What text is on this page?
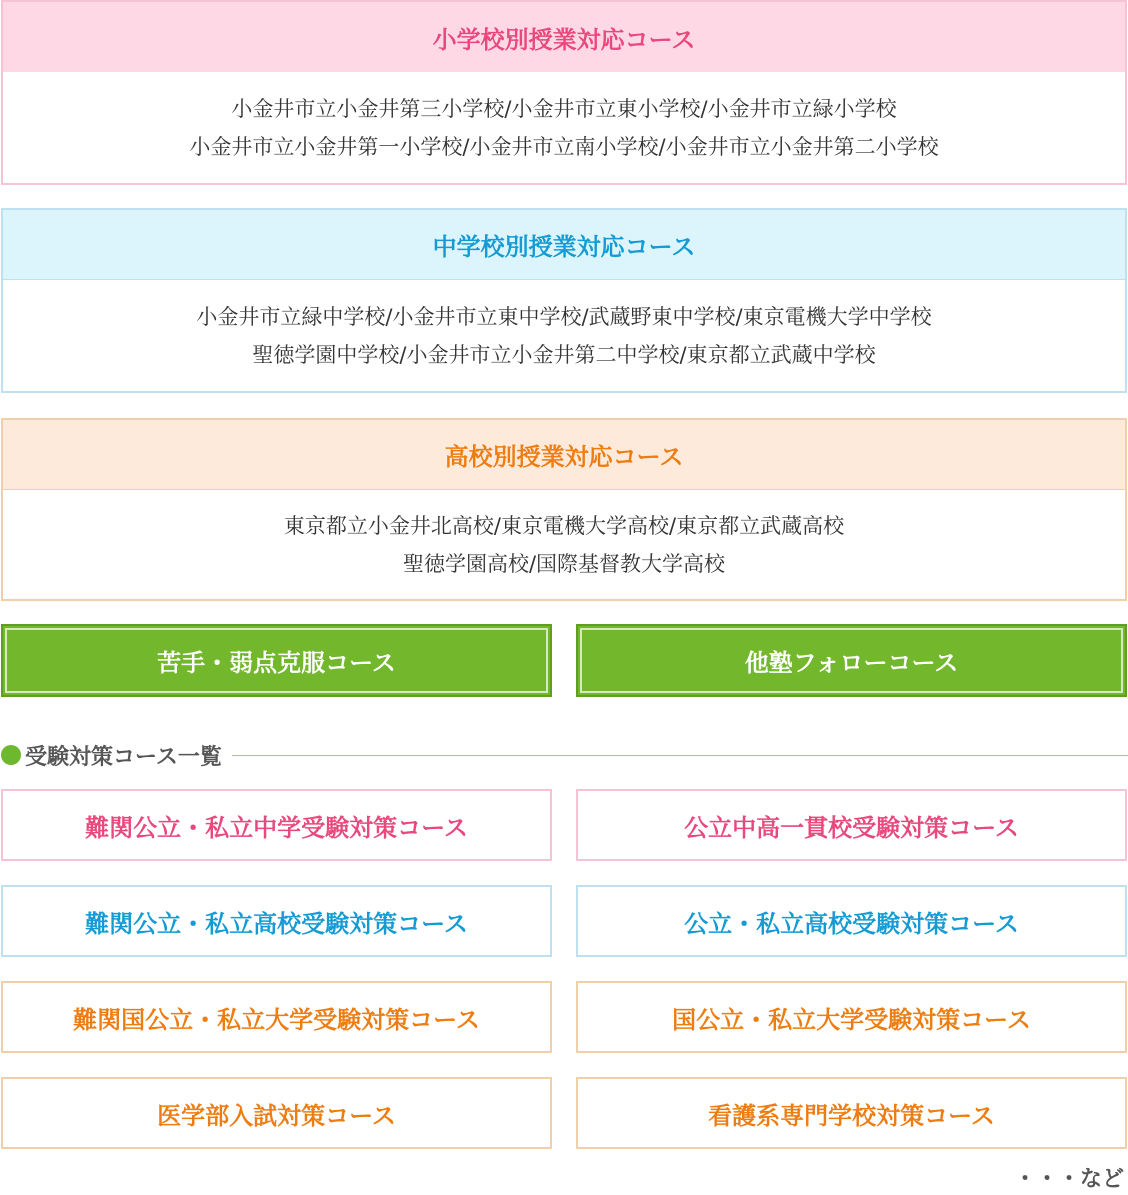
小学校別授業対応コース
小金井市立小金井第三小学校/小金井市立東小学校/小金井市立緑小学校
小金井市立小金井第一小学校/小金井市立南小学校/小金井市立小金井第二小学校
中学校別授業対応コース
小金井市立緑中学校/小金井市立東中学校/武蔵野東中学校/東京電機大学中学校
聖徳学園中学校/小金井市立小金井第二中学校/東京都立武蔵中学校
高校別授業対応コース
東京都立小金井北高校/東京電機大学高校/東京都立武蔵高校
聖徳学園高校/国際基督教大学高校
苦手・弱点克服コース	他塾フォローコース
受験対策コース一覧
難関公立・私立中学受験対策コース	公立中高一貫校受験対策コース
難関公立・私立高校受験対策コース	公立・私立高校受験対策コース
難関国公立・私立大学受験対策コース	国公立・私立大学受験対策コース
医学部入試対策コース	看護系専門学校対策コース
・・・など
